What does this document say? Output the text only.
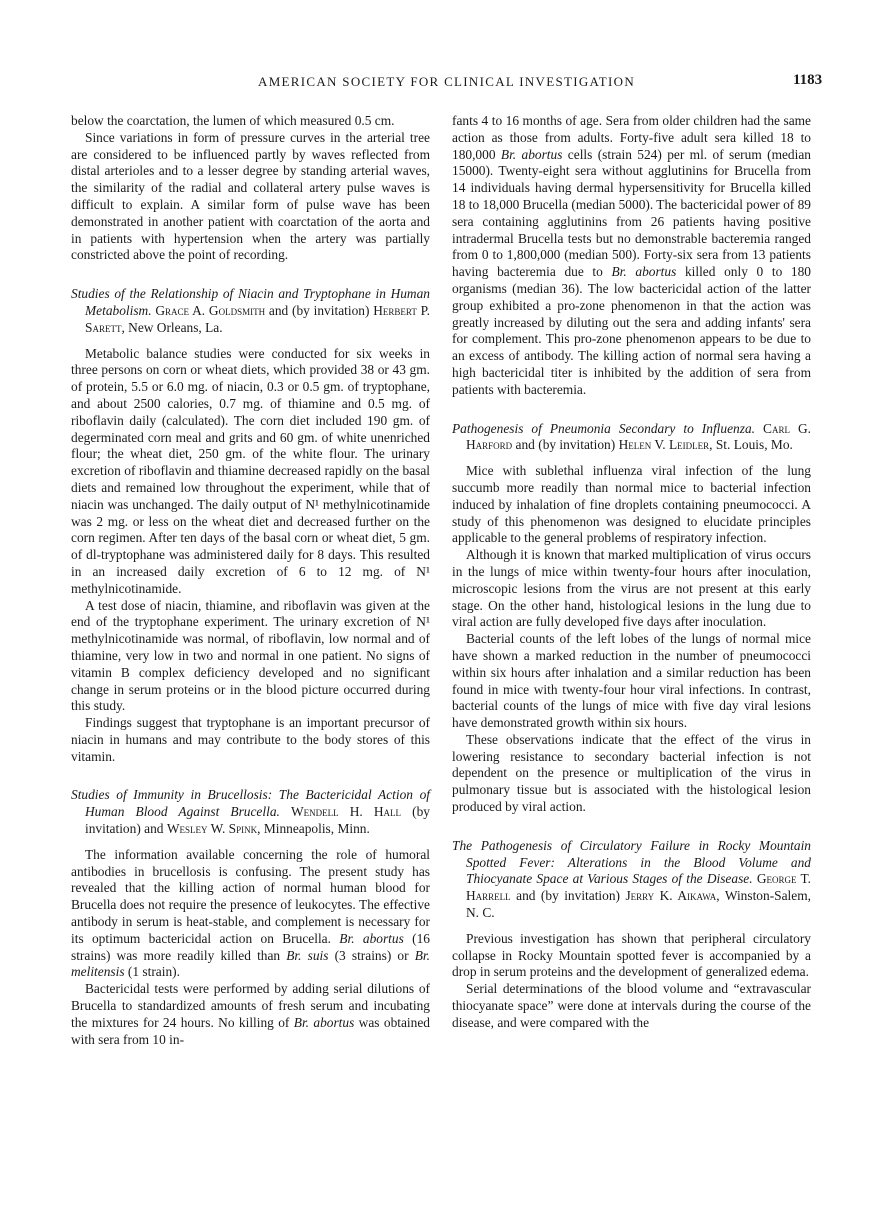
AMERICAN SOCIETY FOR CLINICAL INVESTIGATION	1183

below the coarctation, the lumen of which measured 0.5 cm.

Since variations in form of pressure curves in the arterial tree are considered to be influenced partly by waves reflected from distal arterioles and to a lesser degree by standing arterial waves, the similarity of the radial and collateral artery pulse waves is difficult to explain. A similar form of pulse wave has been demonstrated in another patient with coarctation of the aorta and in patients with hypertension when the artery was partially constricted above the point of recording.

Studies of the Relationship of Niacin and Tryptophane in Human Metabolism. Grace A. Goldsmith and (by invitation) Herbert P. Sarett, New Orleans, La.

Metabolic balance studies were conducted for six weeks in three persons on corn or wheat diets, which provided 38 or 43 gm. of protein, 5.5 or 6.0 mg. of niacin, 0.3 or 0.5 gm. of tryptophane, and about 2500 calories, 0.7 mg. of thiamine and 0.5 mg. of riboflavin daily (calculated). The corn diet included 190 gm. of degerminated corn meal and grits and 60 gm. of white unenriched flour; the wheat diet, 250 gm. of the white flour. The urinary excretion of riboflavin and thiamine decreased rapidly on the basal diets and remained low throughout the experiment, while that of niacin was unchanged. The daily output of N¹ methylnicotinamide was 2 mg. or less on the wheat diet and decreased further on the corn regimen. After ten days of the basal corn or wheat diet, 5 gm. of dl-tryptophane was administered daily for 8 days. This resulted in an increased daily excretion of 6 to 12 mg. of N¹ methylnicotinamide.

A test dose of niacin, thiamine, and riboflavin was given at the end of the tryptophane experiment. The urinary excretion of N¹ methylnicotinamide was normal, of riboflavin, low normal and of thiamine, very low in two and normal in one patient. No signs of vitamin B complex deficiency developed and no significant change in serum proteins or in the blood picture occurred during this study.

Findings suggest that tryptophane is an important precursor of niacin in humans and may contribute to the body stores of this vitamin.

Studies of Immunity in Brucellosis: The Bactericidal Action of Human Blood Against Brucella. Wendell H. Hall (by invitation) and Wesley W. Spink, Minneapolis, Minn.

The information available concerning the role of humoral antibodies in brucellosis is confusing. The present study has revealed that the killing action of normal human blood for Brucella does not require the presence of leukocytes. The effective antibody in serum is heat-stable, and complement is necessary for its optimum bactericidal action on Brucella. Br. abortus (16 strains) was more readily killed than Br. suis (3 strains) or Br. melitensis (1 strain).

Bactericidal tests were performed by adding serial dilutions of Brucella to standardized amounts of fresh serum and incubating the mixtures for 24 hours. No killing of Br. abortus was obtained with sera from 10 in-

fants 4 to 16 months of age. Sera from older children had the same action as those from adults. Forty-five adult sera killed 18 to 180,000 Br. abortus cells (strain 524) per ml. of serum (median 15000). Twenty-eight sera without agglutinins for Brucella from 14 individuals having dermal hypersensitivity for Brucella killed 18 to 18,000 Brucella (median 5000). The bactericidal power of 89 sera containing agglutinins from 26 patients having positive intradermal Brucella tests but no demonstrable bacteremia ranged from 0 to 1,800,000 (median 500). Forty-six sera from 13 patients having bacteremia due to Br. abortus killed only 0 to 180 organisms (median 36). The low bactericidal action of the latter group exhibited a pro-zone phenomenon in that the action was greatly increased by diluting out the sera and adding infants' sera for complement. This pro-zone phenomenon appears to be due to an excess of antibody. The killing action of normal sera having a high bactericidal titer is inhibited by the addition of sera from patients with bacteremia.

Pathogenesis of Pneumonia Secondary to Influenza. Carl G. Harford and (by invitation) Helen V. Leidler, St. Louis, Mo.

Mice with sublethal influenza viral infection of the lung succumb more readily than normal mice to bacterial infection induced by inhalation of fine droplets containing pneumococci. A study of this phenomenon was designed to elucidate principles applicable to the general problems of respiratory infection.

Although it is known that marked multiplication of virus occurs in the lungs of mice within twenty-four hours after inoculation, microscopic lesions from the virus are not present at this early stage. On the other hand, histological lesions in the lung due to viral action are fully developed five days after inoculation.

Bacterial counts of the left lobes of the lungs of normal mice have shown a marked reduction in the number of pneumococci within six hours after inhalation and a similar reduction has been found in mice with twenty-four hour viral infections. In contrast, bacterial counts of the lungs of mice with five day viral lesions have demonstrated growth within six hours.

These observations indicate that the effect of the virus in lowering resistance to secondary bacterial infection is not dependent on the presence or multiplication of the virus in pulmonary tissue but is associated with the histological lesion produced by viral action.

The Pathogenesis of Circulatory Failure in Rocky Mountain Spotted Fever: Alterations in the Blood Volume and Thiocyanate Space at Various Stages of the Disease. George T. Harrell and (by invitation) Jerry K. Aikawa, Winston-Salem, N. C.

Previous investigation has shown that peripheral circulatory collapse in Rocky Mountain spotted fever is accompanied by a drop in serum proteins and the development of generalized edema.

Serial determinations of the blood volume and “extravascular thiocyanate space” were done at intervals during the course of the disease, and were compared with the
